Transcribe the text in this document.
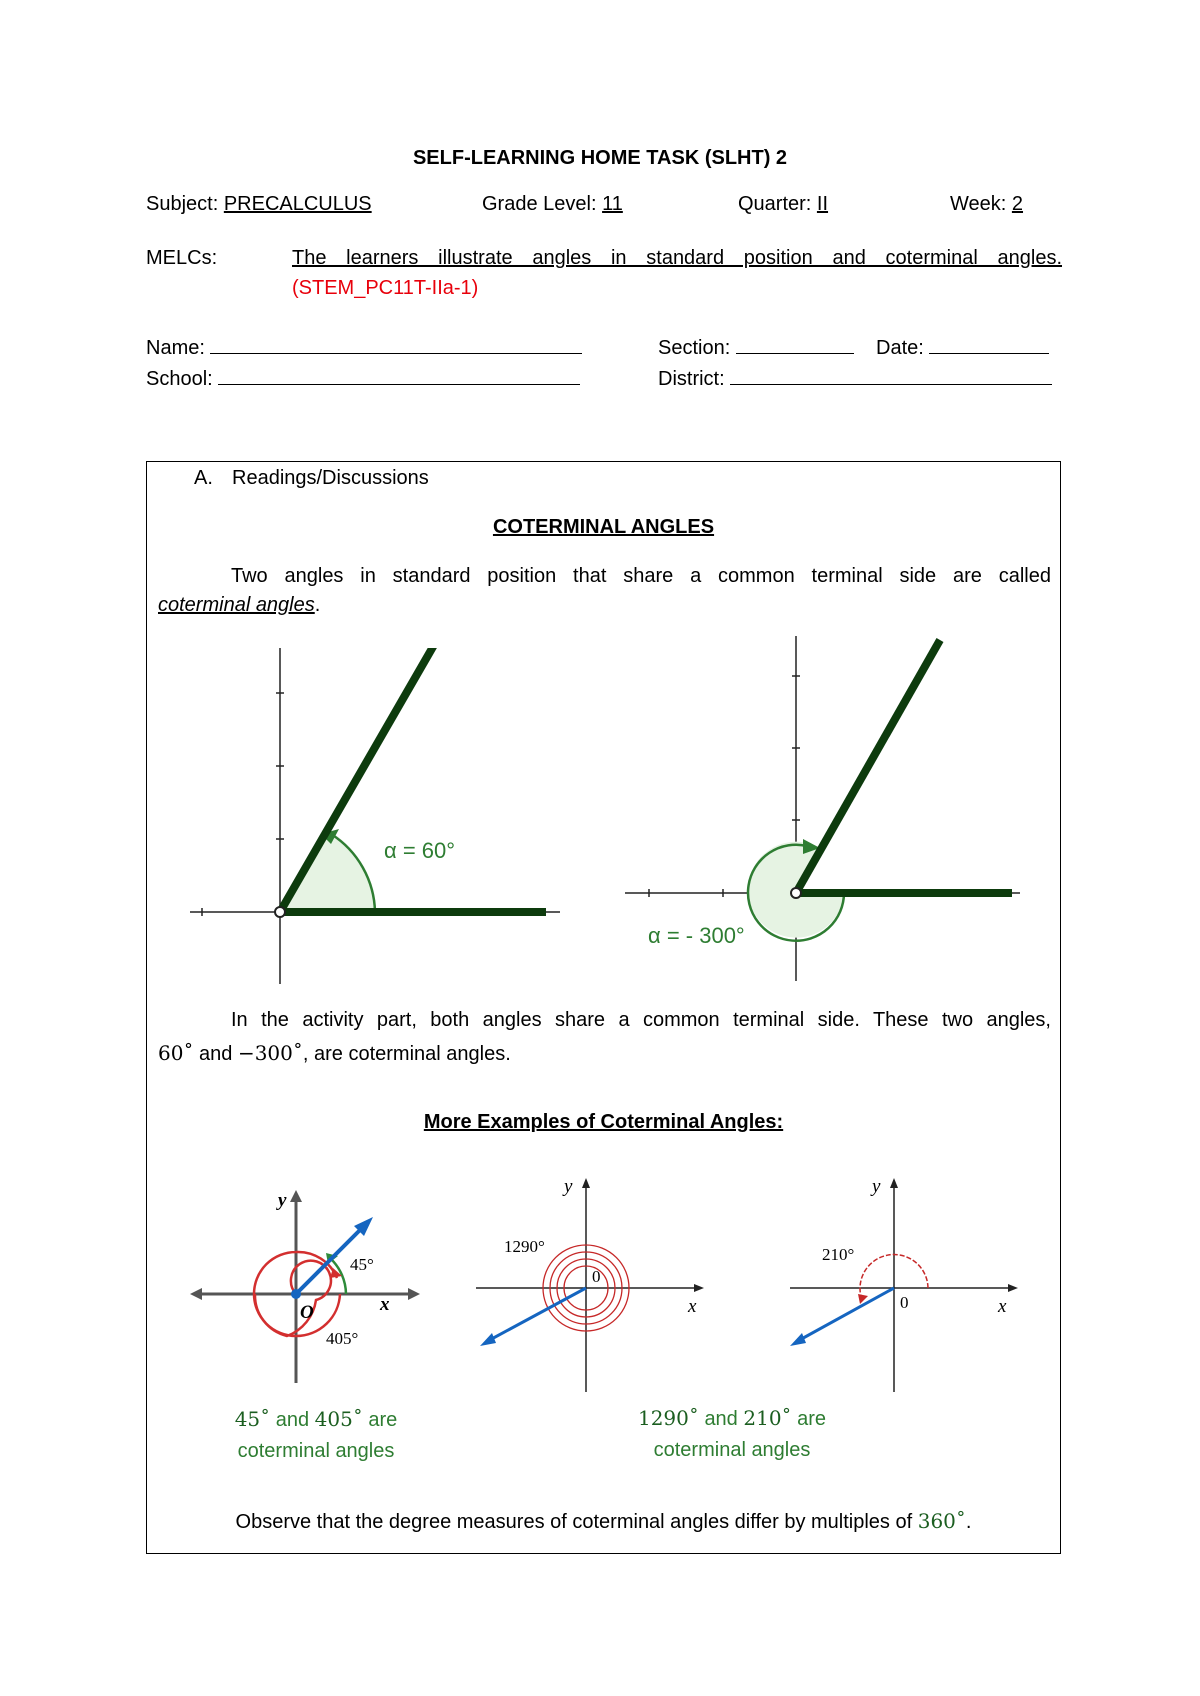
SELF-LEARNING HOME TASK (SLHT) 2
Subject: PRECALCULUS	Grade Level: 11	Quarter: II	Week: 2
MELCs:	The learners illustrate angles in standard position and coterminal angles.
(STEM_PC11T-IIa-1)
Name:	Section:	Date:
School:	District:
A. Readings/Discussions
COTERMINAL ANGLES
Two angles in standard position that share a common terminal side are called
coterminal angles.
α = 60°
α = - 300°
In the activity part, both angles share a common terminal side. These two angles,
60˚ and −300˚, are coterminal angles.
More Examples of Coterminal Angles:
y
x
O
45°
405°
y
x
0
1290°
y
x
0
210°
45˚ and 405˚ are
coterminal angles
1290˚ and 210˚ are
coterminal angles
Observe that the degree measures of coterminal angles differ by multiples of 360˚.
